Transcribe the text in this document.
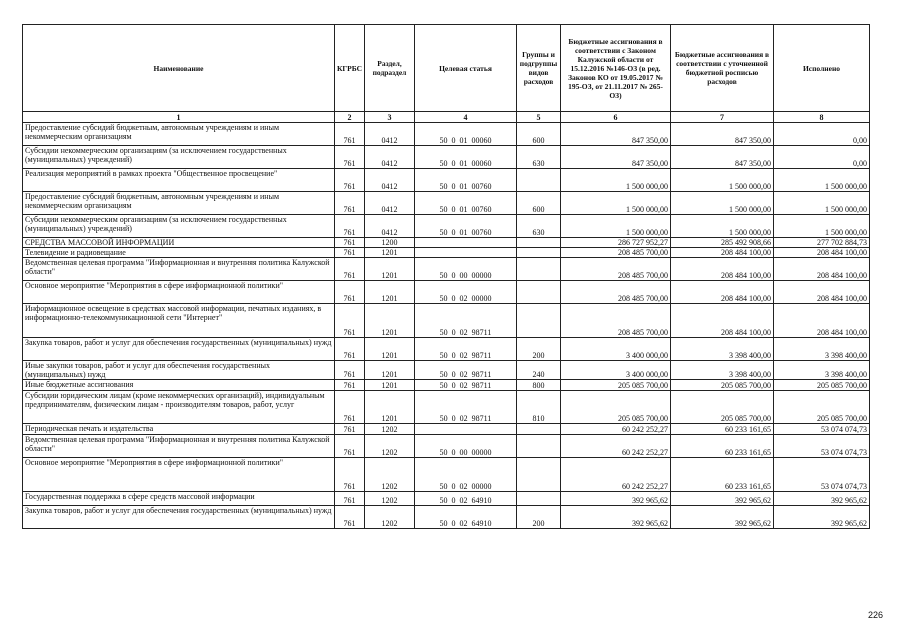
Наименование	КГРБС	Раздел, подраздел	Целевая статья	Группы и подгруппы видов расходов	Бюджетные ассигнования в соответствии с Законом Калужской области от 15.12.2016 №146-ОЗ (в ред. Законов КО от 19.05.2017 № 195-ОЗ, от 21.11.2017 № 265-ОЗ)	Бюджетные ассигнования в соответствии с уточненной бюджетной росписью расходов	Исполнено
1	2	3	4	5	6	7	8
Предоставление субсидий бюджетным, автономным учреждениям и иным некоммерческим организациям	761	0412	50  0  01  00060	600	847 350,00	847 350,00	0,00
Субсидии некоммерческим организациям (за исключением государственных (муниципальных) учреждений)	761	0412	50  0  01  00060	630	847 350,00	847 350,00	0,00
Реализация мероприятий в рамках проекта "Общественное просвещение"	761	0412	50  0  01  00760		1 500 000,00	1 500 000,00	1 500 000,00
Предоставление субсидий бюджетным, автономным учреждениям и иным некоммерческим организациям	761	0412	50  0  01  00760	600	1 500 000,00	1 500 000,00	1 500 000,00
Субсидии некоммерческим организациям (за исключением государственных (муниципальных) учреждений)	761	0412	50  0  01  00760	630	1 500 000,00	1 500 000,00	1 500 000,00
СРЕДСТВА МАССОВОЙ ИНФОРМАЦИИ	761	1200			286 727 952,27	285 492 908,66	277 702 884,73
Телевидение и радиовещание	761	1201			208 485 700,00	208 484 100,00	208 484 100,00
Ведомственная целевая программа "Информационная и внутренняя политика Калужской области"	761	1201	50  0  00  00000		208 485 700,00	208 484 100,00	208 484 100,00
Основное мероприятие "Мероприятия в сфере информационной политики"	761	1201	50  0  02  00000		208 485 700,00	208 484 100,00	208 484 100,00
Информационное освещение в средствах массовой информации, печатных изданиях, в информационно-телекоммуникационной сети "Интернет"	761	1201	50  0  02  98711		208 485 700,00	208 484 100,00	208 484 100,00
Закупка товаров, работ и услуг для обеспечения государственных (муниципальных) нужд	761	1201	50  0  02  98711	200	3 400 000,00	3 398 400,00	3 398 400,00
Иные закупки товаров, работ и услуг для обеспечения государственных (муниципальных) нужд	761	1201	50  0  02  98711	240	3 400 000,00	3 398 400,00	3 398 400,00
Иные бюджетные ассигнования	761	1201	50  0  02  98711	800	205 085 700,00	205 085 700,00	205 085 700,00
Субсидии юридическим лицам (кроме некоммерческих организаций), индивидуальным предпринимателям, физическим лицам - производителям товаров, работ, услуг	761	1201	50  0  02  98711	810	205 085 700,00	205 085 700,00	205 085 700,00
Периодическая печать и издательства	761	1202			60 242 252,27	60 233 161,65	53 074 074,73
Ведомственная целевая программа "Информационная и внутренняя политика Калужской области"	761	1202	50  0  00  00000		60 242 252,27	60 233 161,65	53 074 074,73
Основное мероприятие "Мероприятия в сфере информационной политики"	761	1202	50  0  02  00000		60 242 252,27	60 233 161,65	53 074 074,73
Государственная поддержка в сфере средств массовой информации	761	1202	50  0  02  64910		392 965,62	392 965,62	392 965,62
Закупка товаров, работ и услуг для обеспечения государственных (муниципальных) нужд	761	1202	50  0  02  64910	200	392 965,62	392 965,62	392 965,62
226
